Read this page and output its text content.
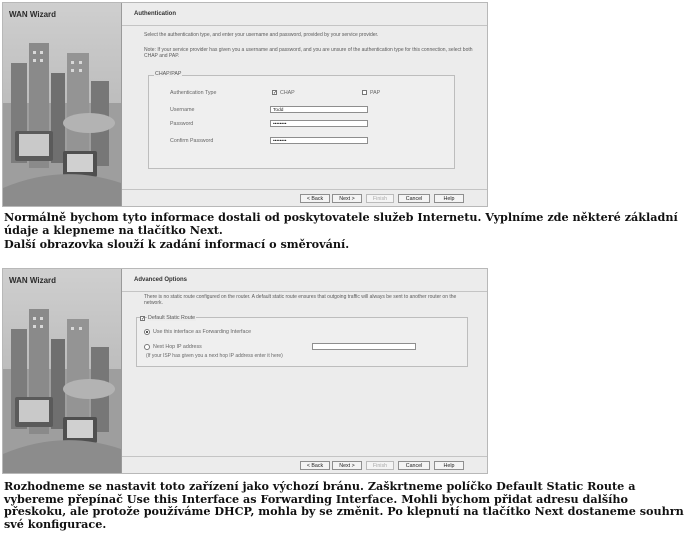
WAN Wizard	Authentication
Select the authentication type, and enter your username and password, provided by your service provider.
Note: If your service provider has given you a username and password, and you are unsure of the authentication type for this connection, select both CHAP and PAP.
CHAP/PAP
Authentication Type	✓ CHAP	PAP
Username	Todd
Password	••••••••
Confirm Password	••••••••
< Back	Next >	Finish	Cancel	Help

Normálně bychom tyto informace dostali od poskytovatele služeb Internetu. Vyplníme zde některé základní údaje a klepneme na tlačítko Next.

Další obrazovka slouží k zadání informací o směrování.

WAN Wizard	Advanced Options
There is no static route configured on the router. A default static route ensures that outgoing traffic will always be sent to another router on the network.
✓ Default Static Route
Use this interface as Forwarding Interface
Next Hop IP address
(If your ISP has given you a next hop IP address enter it here)
< Back	Next >	Finish	Cancel	Help

Rozhodneme se nastavit toto zařízení jako výchozí bránu. Zaškrtneme políčko Default Static Route a vybereme přepínač Use this Interface as Forwarding Interface. Mohli bychom přidat adresu dalšího přeskoku, ale protože používáme DHCP, mohla by se změnit. Po klepnutí na tlačítko Next dostaneme souhrn své konfigurace.
